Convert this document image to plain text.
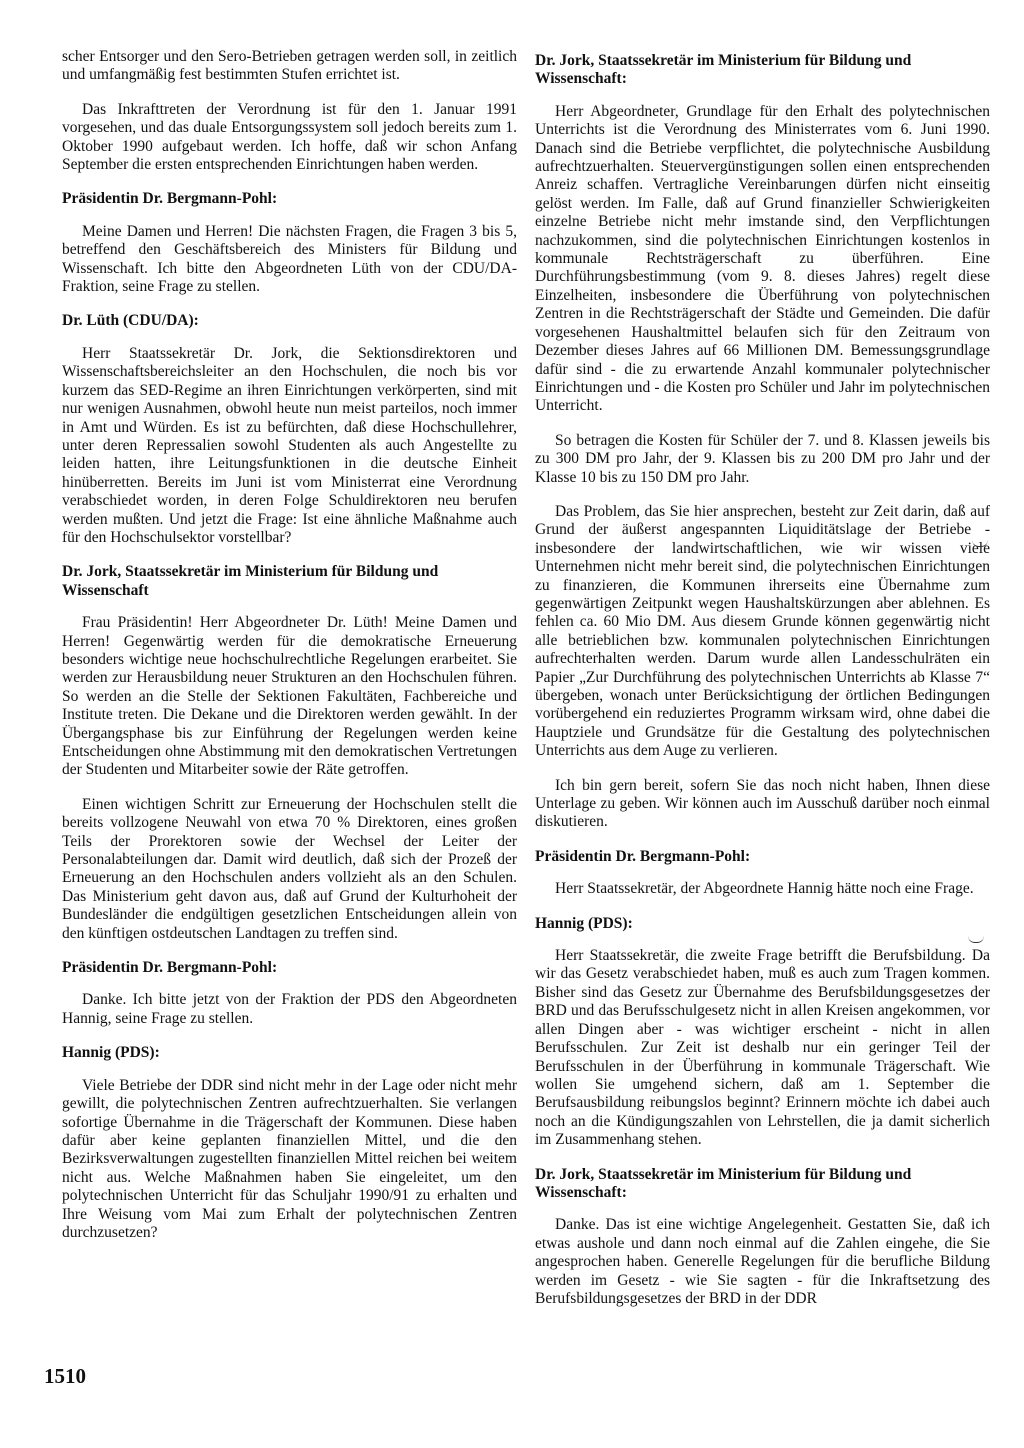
scher Entsorger und den Sero-Betrieben getragen werden soll, in zeitlich und umfangmäßig fest bestimmten Stufen errichtet ist.

Das Inkrafttreten der Verordnung ist für den 1. Januar 1991 vorgesehen, und das duale Entsorgungssystem soll jedoch bereits zum 1. Oktober 1990 aufgebaut werden. Ich hoffe, daß wir schon Anfang September die ersten entsprechenden Einrichtungen haben werden.

Präsidentin Dr. Bergmann-Pohl:

Meine Damen und Herren! Die nächsten Fragen, die Fragen 3 bis 5, betreffend den Geschäftsbereich des Ministers für Bildung und Wissenschaft. Ich bitte den Abgeordneten Lüth von der CDU/DA-Fraktion, seine Frage zu stellen.

Dr. Lüth (CDU/DA):

Herr Staatssekretär Dr. Jork, die Sektionsdirektoren und Wissenschaftsbereichsleiter an den Hochschulen, die noch bis vor kurzem das SED-Regime an ihren Einrichtungen verkörperten, sind mit nur wenigen Ausnahmen, obwohl heute nun meist parteilos, noch immer in Amt und Würden. Es ist zu befürchten, daß diese Hochschullehrer, unter deren Repressalien sowohl Studenten als auch Angestellte zu leiden hatten, ihre Leitungsfunktionen in die deutsche Einheit hinüberretten. Bereits im Juni ist vom Ministerrat eine Verordnung verabschiedet worden, in deren Folge Schuldirektoren neu berufen werden mußten. Und jetzt die Frage: Ist eine ähnliche Maßnahme auch für den Hochschulsektor vorstellbar?

Dr. Jork, Staatssekretär im Ministerium für Bildung und Wissenschaft

Frau Präsidentin! Herr Abgeordneter Dr. Lüth! Meine Damen und Herren! Gegenwärtig werden für die demokratische Erneuerung besonders wichtige neue hochschulrechtliche Regelungen erarbeitet. Sie werden zur Herausbildung neuer Strukturen an den Hochschulen führen. So werden an die Stelle der Sektionen Fakultäten, Fachbereiche und Institute treten. Die Dekane und die Direktoren werden gewählt. In der Übergangsphase bis zur Einführung der Regelungen werden keine Entscheidungen ohne Abstimmung mit den demokratischen Vertretungen der Studenten und Mitarbeiter sowie der Räte getroffen.

Einen wichtigen Schritt zur Erneuerung der Hochschulen stellt die bereits vollzogene Neuwahl von etwa 70 % Direktoren, eines großen Teils der Prorektoren sowie der Wechsel der Leiter der Personalabteilungen dar. Damit wird deutlich, daß sich der Prozeß der Erneuerung an den Hochschulen anders vollzieht als an den Schulen. Das Ministerium geht davon aus, daß auf Grund der Kulturhoheit der Bundesländer die endgültigen gesetzlichen Entscheidungen allein von den künftigen ostdeutschen Landtagen zu treffen sind.

Präsidentin Dr. Bergmann-Pohl:

Danke. Ich bitte jetzt von der Fraktion der PDS den Abgeordneten Hannig, seine Frage zu stellen.

Hannig (PDS):

Viele Betriebe der DDR sind nicht mehr in der Lage oder nicht mehr gewillt, die polytechnischen Zentren aufrechtzuerhalten. Sie verlangen sofortige Übernahme in die Trägerschaft der Kommunen. Diese haben dafür aber keine geplanten finanziellen Mittel, und die den Bezirksverwaltungen zugestellten finanziellen Mittel reichen bei weitem nicht aus. Welche Maßnahmen haben Sie eingeleitet, um den polytechnischen Unterricht für das Schuljahr 1990/91 zu erhalten und Ihre Weisung vom Mai zum Erhalt der polytechnischen Zentren durchzusetzen?

Dr. Jork, Staatssekretär im Ministerium für Bildung und Wissenschaft:

Herr Abgeordneter, Grundlage für den Erhalt des polytechnischen Unterrichts ist die Verordnung des Ministerrates vom 6. Juni 1990. Danach sind die Betriebe verpflichtet, die polytechnische Ausbildung aufrechtzuerhalten. Steuervergünstigungen sollen einen entsprechenden Anreiz schaffen. Vertragliche Vereinbarungen dürfen nicht einseitig gelöst werden. Im Falle, daß auf Grund finanzieller Schwierigkeiten einzelne Betriebe nicht mehr imstande sind, den Verpflichtungen nachzukommen, sind die polytechnischen Einrichtungen kostenlos in kommunale Rechtsträgerschaft zu überführen. Eine Durchführungsbestimmung (vom 9. 8. dieses Jahres) regelt diese Einzelheiten, insbesondere die Überführung von polytechnischen Zentren in die Rechtsträgerschaft der Städte und Gemeinden. Die dafür vorgesehenen Haushaltmittel belaufen sich für den Zeitraum von Dezember dieses Jahres auf 66 Millionen DM. Bemessungsgrundlage dafür sind - die zu erwartende Anzahl kommunaler polytechnischer Einrichtungen und - die Kosten pro Schüler und Jahr im polytechnischen Unterricht.

So betragen die Kosten für Schüler der 7. und 8. Klassen jeweils bis zu 300 DM pro Jahr, der 9. Klassen bis zu 200 DM pro Jahr und der Klasse 10 bis zu 150 DM pro Jahr.

Das Problem, das Sie hier ansprechen, besteht zur Zeit darin, daß auf Grund der äußerst angespannten Liquiditätslage der Betriebe - insbesondere der landwirtschaftlichen, wie wir wissen viele Unternehmen nicht mehr bereit sind, die polytechnischen Einrichtungen zu finanzieren, die Kommunen ihrerseits eine Übernahme zum gegenwärtigen Zeitpunkt wegen Haushaltskürzungen aber ablehnen. Es fehlen ca. 60 Mio DM. Aus diesem Grunde können gegenwärtig nicht alle betrieblichen bzw. kommunalen polytechnischen Einrichtungen aufrechterhalten werden. Darum wurde allen Landesschulräten ein Papier „Zur Durchführung des polytechnischen Unterrichts ab Klasse 7“ übergeben, wonach unter Berücksichtigung der örtlichen Bedingungen vorübergehend ein reduziertes Programm wirksam wird, ohne dabei die Hauptziele und Grundsätze für die Gestaltung des polytechnischen Unterrichts aus dem Auge zu verlieren.

Ich bin gern bereit, sofern Sie das noch nicht haben, Ihnen diese Unterlage zu geben. Wir können auch im Ausschuß darüber noch einmal diskutieren.

Präsidentin Dr. Bergmann-Pohl:

Herr Staatssekretär, der Abgeordnete Hannig hätte noch eine Frage.

Hannig (PDS):

Herr Staatssekretär, die zweite Frage betrifft die Berufsbildung. Da wir das Gesetz verabschiedet haben, muß es auch zum Tragen kommen. Bisher sind das Gesetz zur Übernahme des Berufsbildungsgesetzes der BRD und das Berufsschulgesetz nicht in allen Kreisen angekommen, vor allen Dingen aber - was wichtiger erscheint - nicht in allen Berufsschulen. Zur Zeit ist deshalb nur ein geringer Teil der Berufsschulen in der Überführung in kommunale Trägerschaft. Wie wollen Sie umgehend sichern, daß am 1. September die Berufsausbildung reibungslos beginnt? Erinnern möchte ich dabei auch noch an die Kündigungszahlen von Lehrstellen, die ja damit sicherlich im Zusammenhang stehen.

Dr. Jork, Staatssekretär im Ministerium für Bildung und Wissenschaft:

Danke. Das ist eine wichtige Angelegenheit. Gestatten Sie, daß ich etwas aushole und dann noch einmal auf die Zahlen eingehe, die Sie angesprochen haben. Generelle Regelungen für die berufliche Bildung werden im Gesetz - wie Sie sagten - für die Inkraftsetzung des Berufsbildungsgesetzes der BRD in der DDR

1510
